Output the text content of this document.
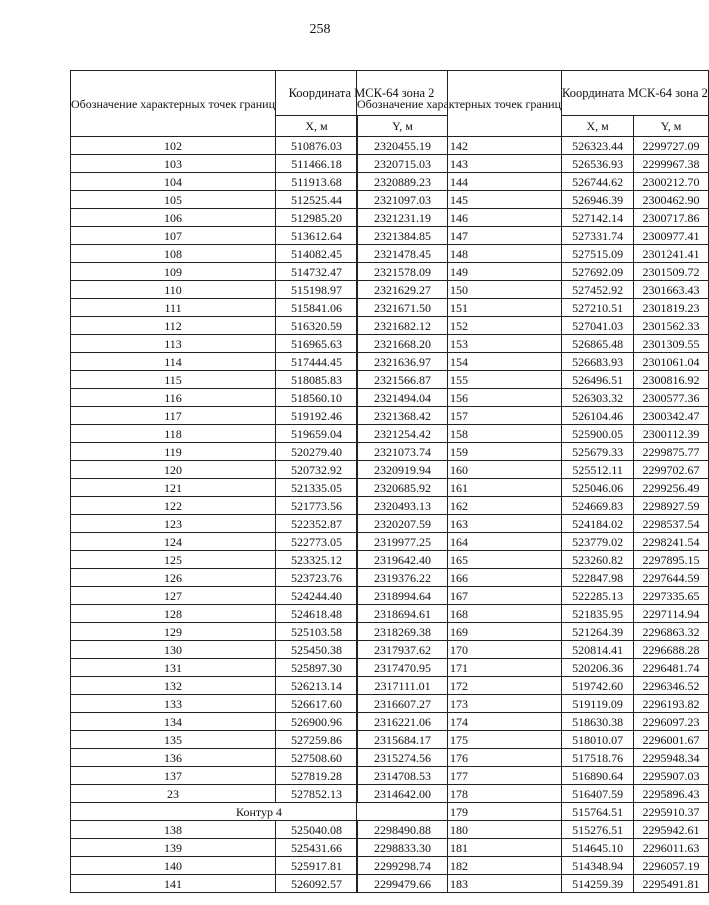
258
Обозначение характерных точек границ	Координата МСК-64 зона 2	
	X, м	Y, м
102	510876.03	2320455.19
103	511466.18	2320715.03
104	511913.68	2320889.23
105	512525.44	2321097.03
106	512985.20	2321231.19
107	513612.64	2321384.85
108	514082.45	2321478.45
109	514732.47	2321578.09
110	515198.97	2321629.27
111	515841.06	2321671.50
112	516320.59	2321682.12
113	516965.63	2321668.20
114	517444.45	2321636.97
115	518085.83	2321566.87
116	518560.10	2321494.04
117	519192.46	2321368.42
118	519659.04	2321254.42
119	520279.40	2321073.74
120	520732.92	2320919.94
121	521335.05	2320685.92
122	521773.56	2320493.13
123	522352.87	2320207.59
124	522773.05	2319977.25
125	523325.12	2319642.40
126	523723.76	2319376.22
127	524244.40	2318994.64
128	524618.48	2318694.61
129	525103.58	2318269.38
130	525450.38	2317937.62
131	525897.30	2317470.95
132	526213.14	2317111.01
133	526617.60	2316607.27
134	526900.96	2316221.06
135	527259.86	2315684.17
136	527508.60	2315274.56
137	527819.28	2314708.53
23	527852.13	2314642.00
Контур 4		
138	525040.08	2298490.88
139	525431.66	2298833.30
140	525917.81	2299298.74
141	526092.57	2299479.66
Обозначение характерных точек границ	Координата МСК-64 зона 2	
	X, м	Y, м
142	526323.44	2299727.09
143	526536.93	2299967.38
144	526744.62	2300212.70
145	526946.39	2300462.90
146	527142.14	2300717.86
147	527331.74	2300977.41
148	527515.09	2301241.41
149	527692.09	2301509.72
150	527452.92	2301663.43
151	527210.51	2301819.23
152	527041.03	2301562.33
153	526865.48	2301309.55
154	526683.93	2301061.04
155	526496.51	2300816.92
156	526303.32	2300577.36
157	526104.46	2300342.47
158	525900.05	2300112.39
159	525679.33	2299875.77
160	525512.11	2299702.67
161	525046.06	2299256.49
162	524669.83	2298927.59
163	524184.02	2298537.54
164	523779.02	2298241.54
165	523260.82	2297895.15
166	522847.98	2297644.59
167	522285.13	2297335.65
168	521835.95	2297114.94
169	521264.39	2296863.32
170	520814.41	2296688.28
171	520206.36	2296481.74
172	519742.60	2296346.52
173	519119.09	2296193.82
174	518630.38	2296097.23
175	518010.07	2296001.67
176	517518.76	2295948.34
177	516890.64	2295907.03
178	516407.59	2295896.43
179	515764.51	2295910.37
180	515276.51	2295942.61
181	514645.10	2296011.63
182	514348.94	2296057.19
183	514259.39	2295491.81
